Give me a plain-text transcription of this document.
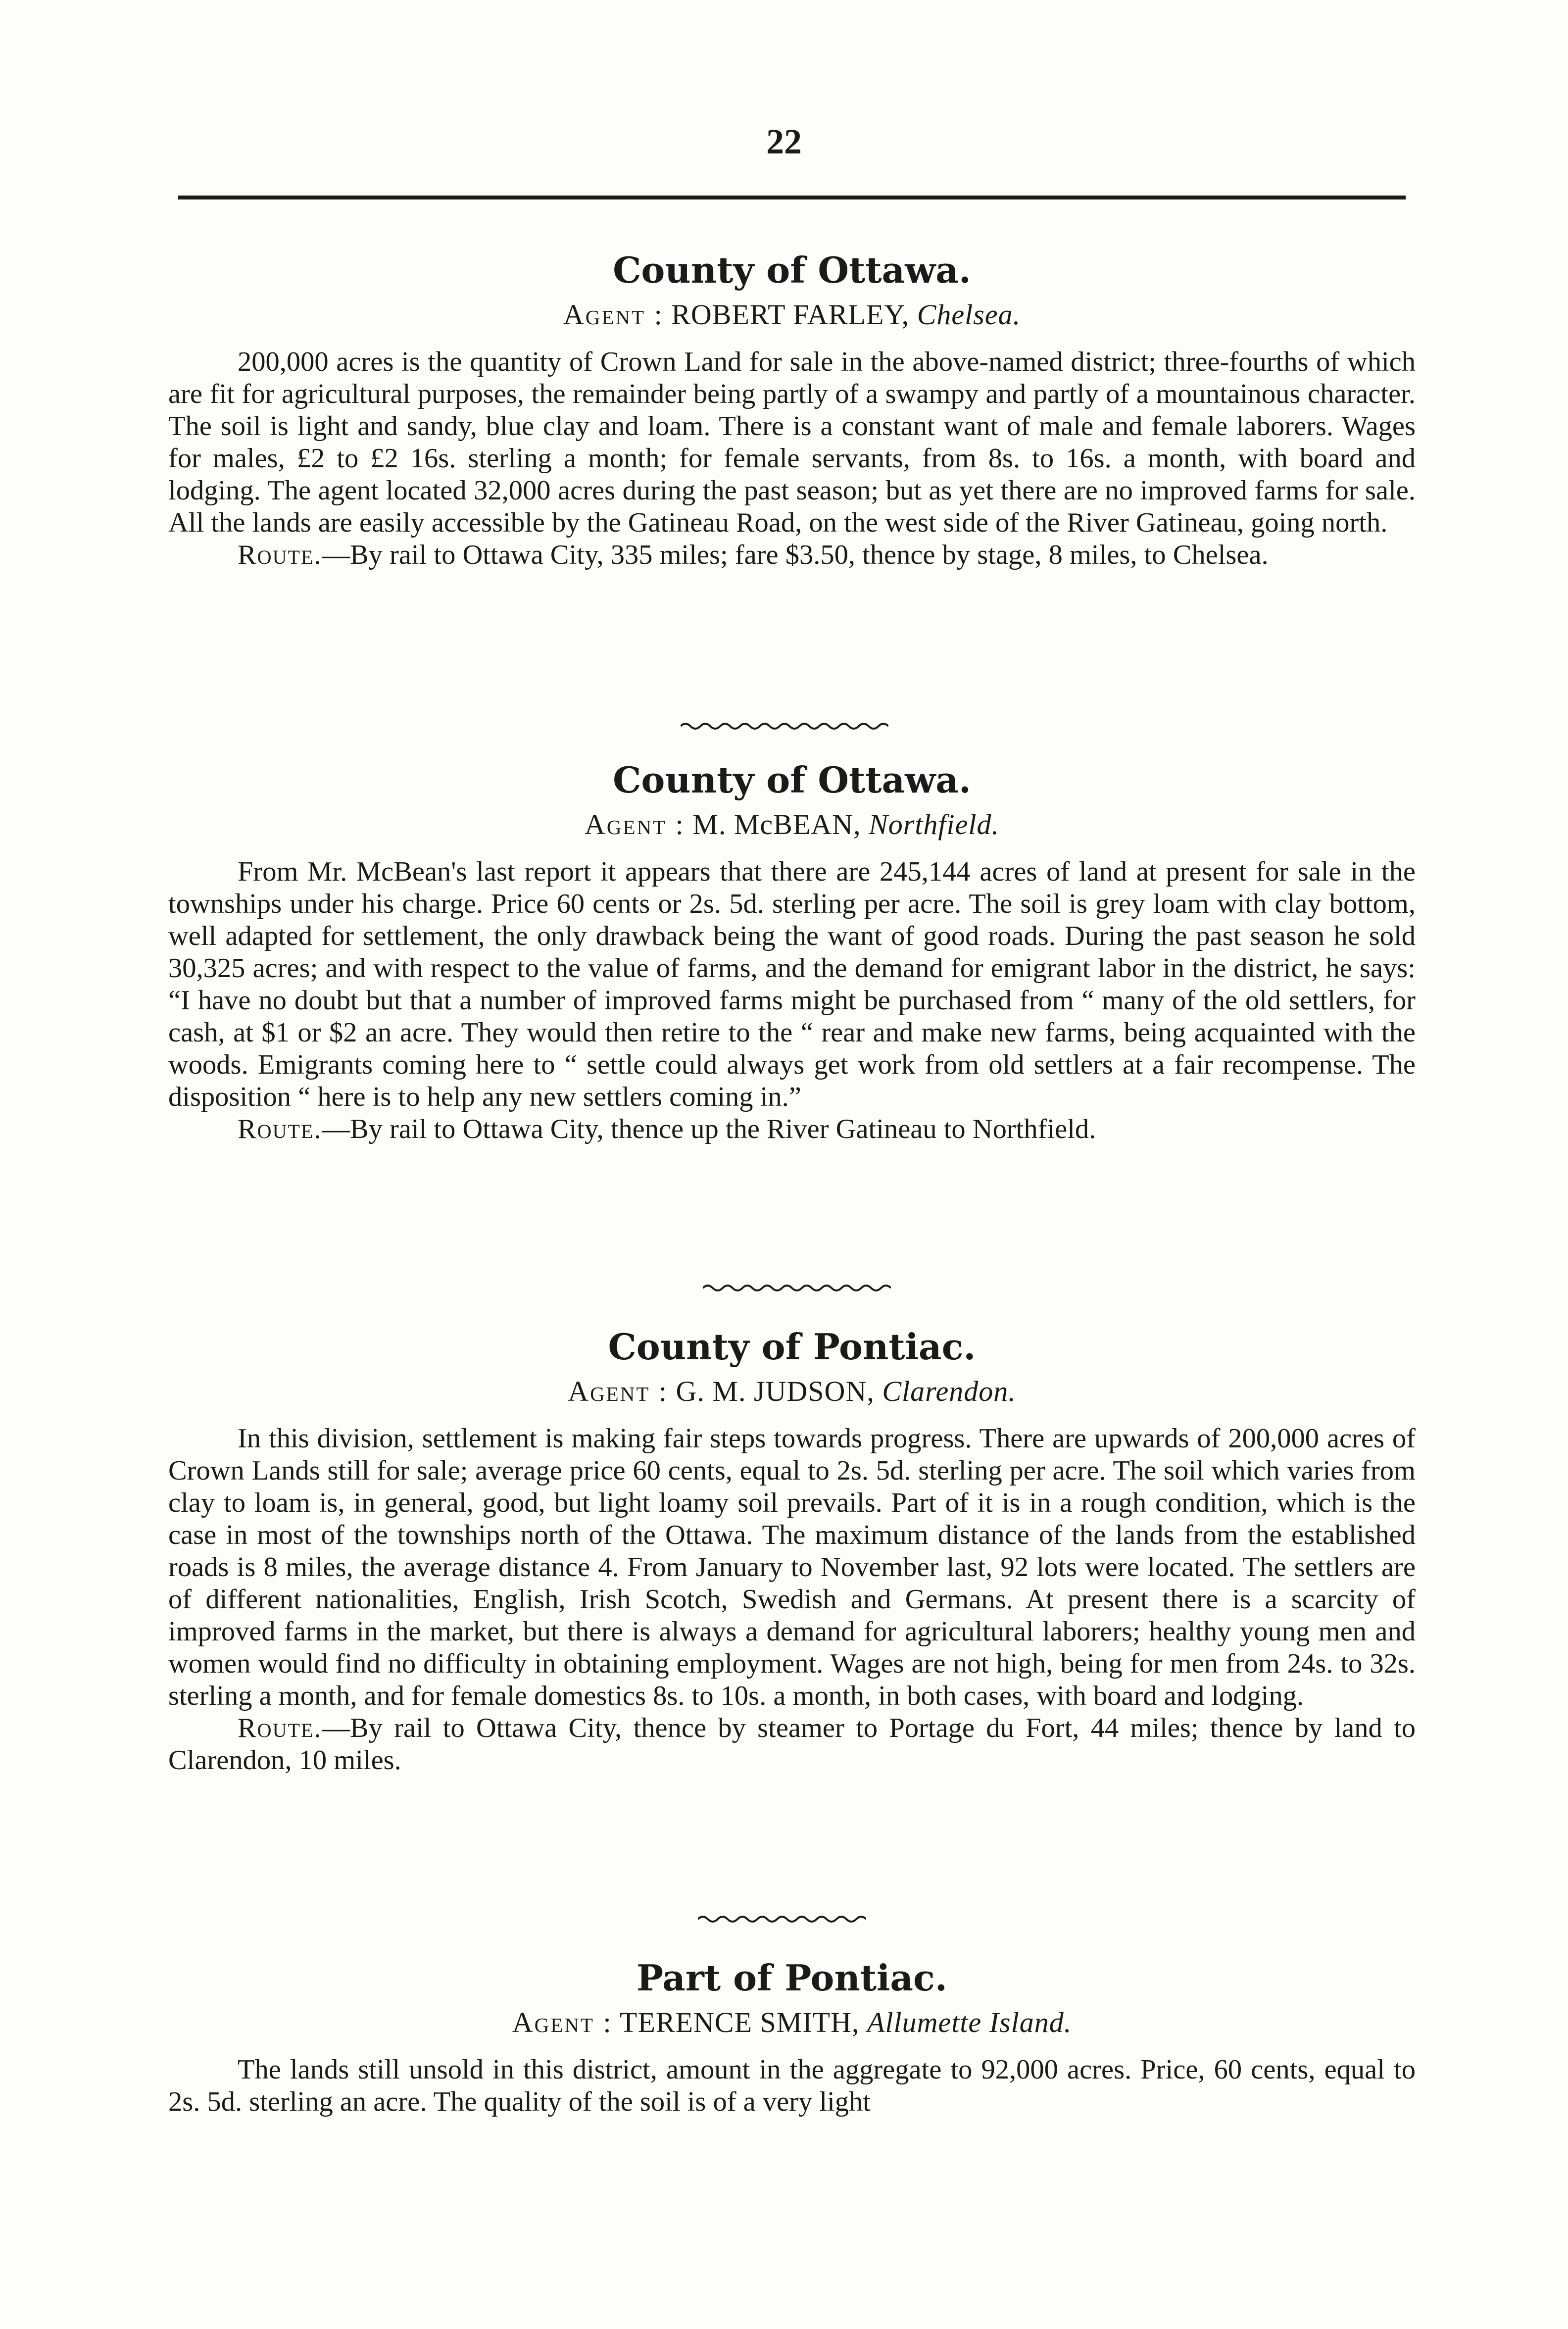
22
County of Ottawa.
Agent : ROBERT FARLEY, Chelsea.

200,000 acres is the quantity of Crown Land for sale in the above-named district; three-fourths of which are fit for agricultural purposes, the remainder being partly of a swampy and partly of a mountainous character. The soil is light and sandy, blue clay and loam. There is a constant want of male and female laborers. Wages for males, £2 to £2 16s. sterling a month; for female servants, from 8s. to 16s. a month, with board and lodging. The agent located 32,000 acres during the past season; but as yet there are no improved farms for sale. All the lands are easily accessible by the Gatineau Road, on the west side of the River Gatineau, going north.

Route.—By rail to Ottawa City, 335 miles; fare $3.50, thence by stage, 8 miles, to Chelsea.

County of Ottawa.
Agent : M. McBEAN, Northfield.

From Mr. McBean's last report it appears that there are 245,144 acres of land at present for sale in the townships under his charge. Price 60 cents or 2s. 5d. sterling per acre. The soil is grey loam with clay bottom, well adapted for settlement, the only drawback being the want of good roads. During the past season he sold 30,325 acres; and with respect to the value of farms, and the demand for emigrant labor in the district, he says: “I have no doubt but that a number of improved farms might be purchased from “ many of the old settlers, for cash, at $1 or $2 an acre. They would then retire to the “ rear and make new farms, being acquainted with the woods. Emigrants coming here to “ settle could always get work from old settlers at a fair recompense. The disposition “ here is to help any new settlers coming in.”

Route.—By rail to Ottawa City, thence up the River Gatineau to Northfield.

County of Pontiac.
Agent : G. M. JUDSON, Clarendon.

In this division, settlement is making fair steps towards progress. There are upwards of 200,000 acres of Crown Lands still for sale; average price 60 cents, equal to 2s. 5d. sterling per acre. The soil which varies from clay to loam is, in general, good, but light loamy soil prevails. Part of it is in a rough condition, which is the case in most of the townships north of the Ottawa. The maximum distance of the lands from the established roads is 8 miles, the average distance 4. From January to November last, 92 lots were located. The settlers are of different nationalities, English, Irish Scotch, Swedish and Germans. At present there is a scarcity of improved farms in the market, but there is always a demand for agricultural laborers; healthy young men and women would find no difficulty in obtaining employment. Wages are not high, being for men from 24s. to 32s. sterling a month, and for female domestics 8s. to 10s. a month, in both cases, with board and lodging.

Route.—By rail to Ottawa City, thence by steamer to Portage du Fort, 44 miles; thence by land to Clarendon, 10 miles.

Part of Pontiac.
Agent : TERENCE SMITH, Allumette Island.

The lands still unsold in this district, amount in the aggregate to 92,000 acres. Price, 60 cents, equal to 2s. 5d. sterling an acre. The quality of the soil is of a very light
